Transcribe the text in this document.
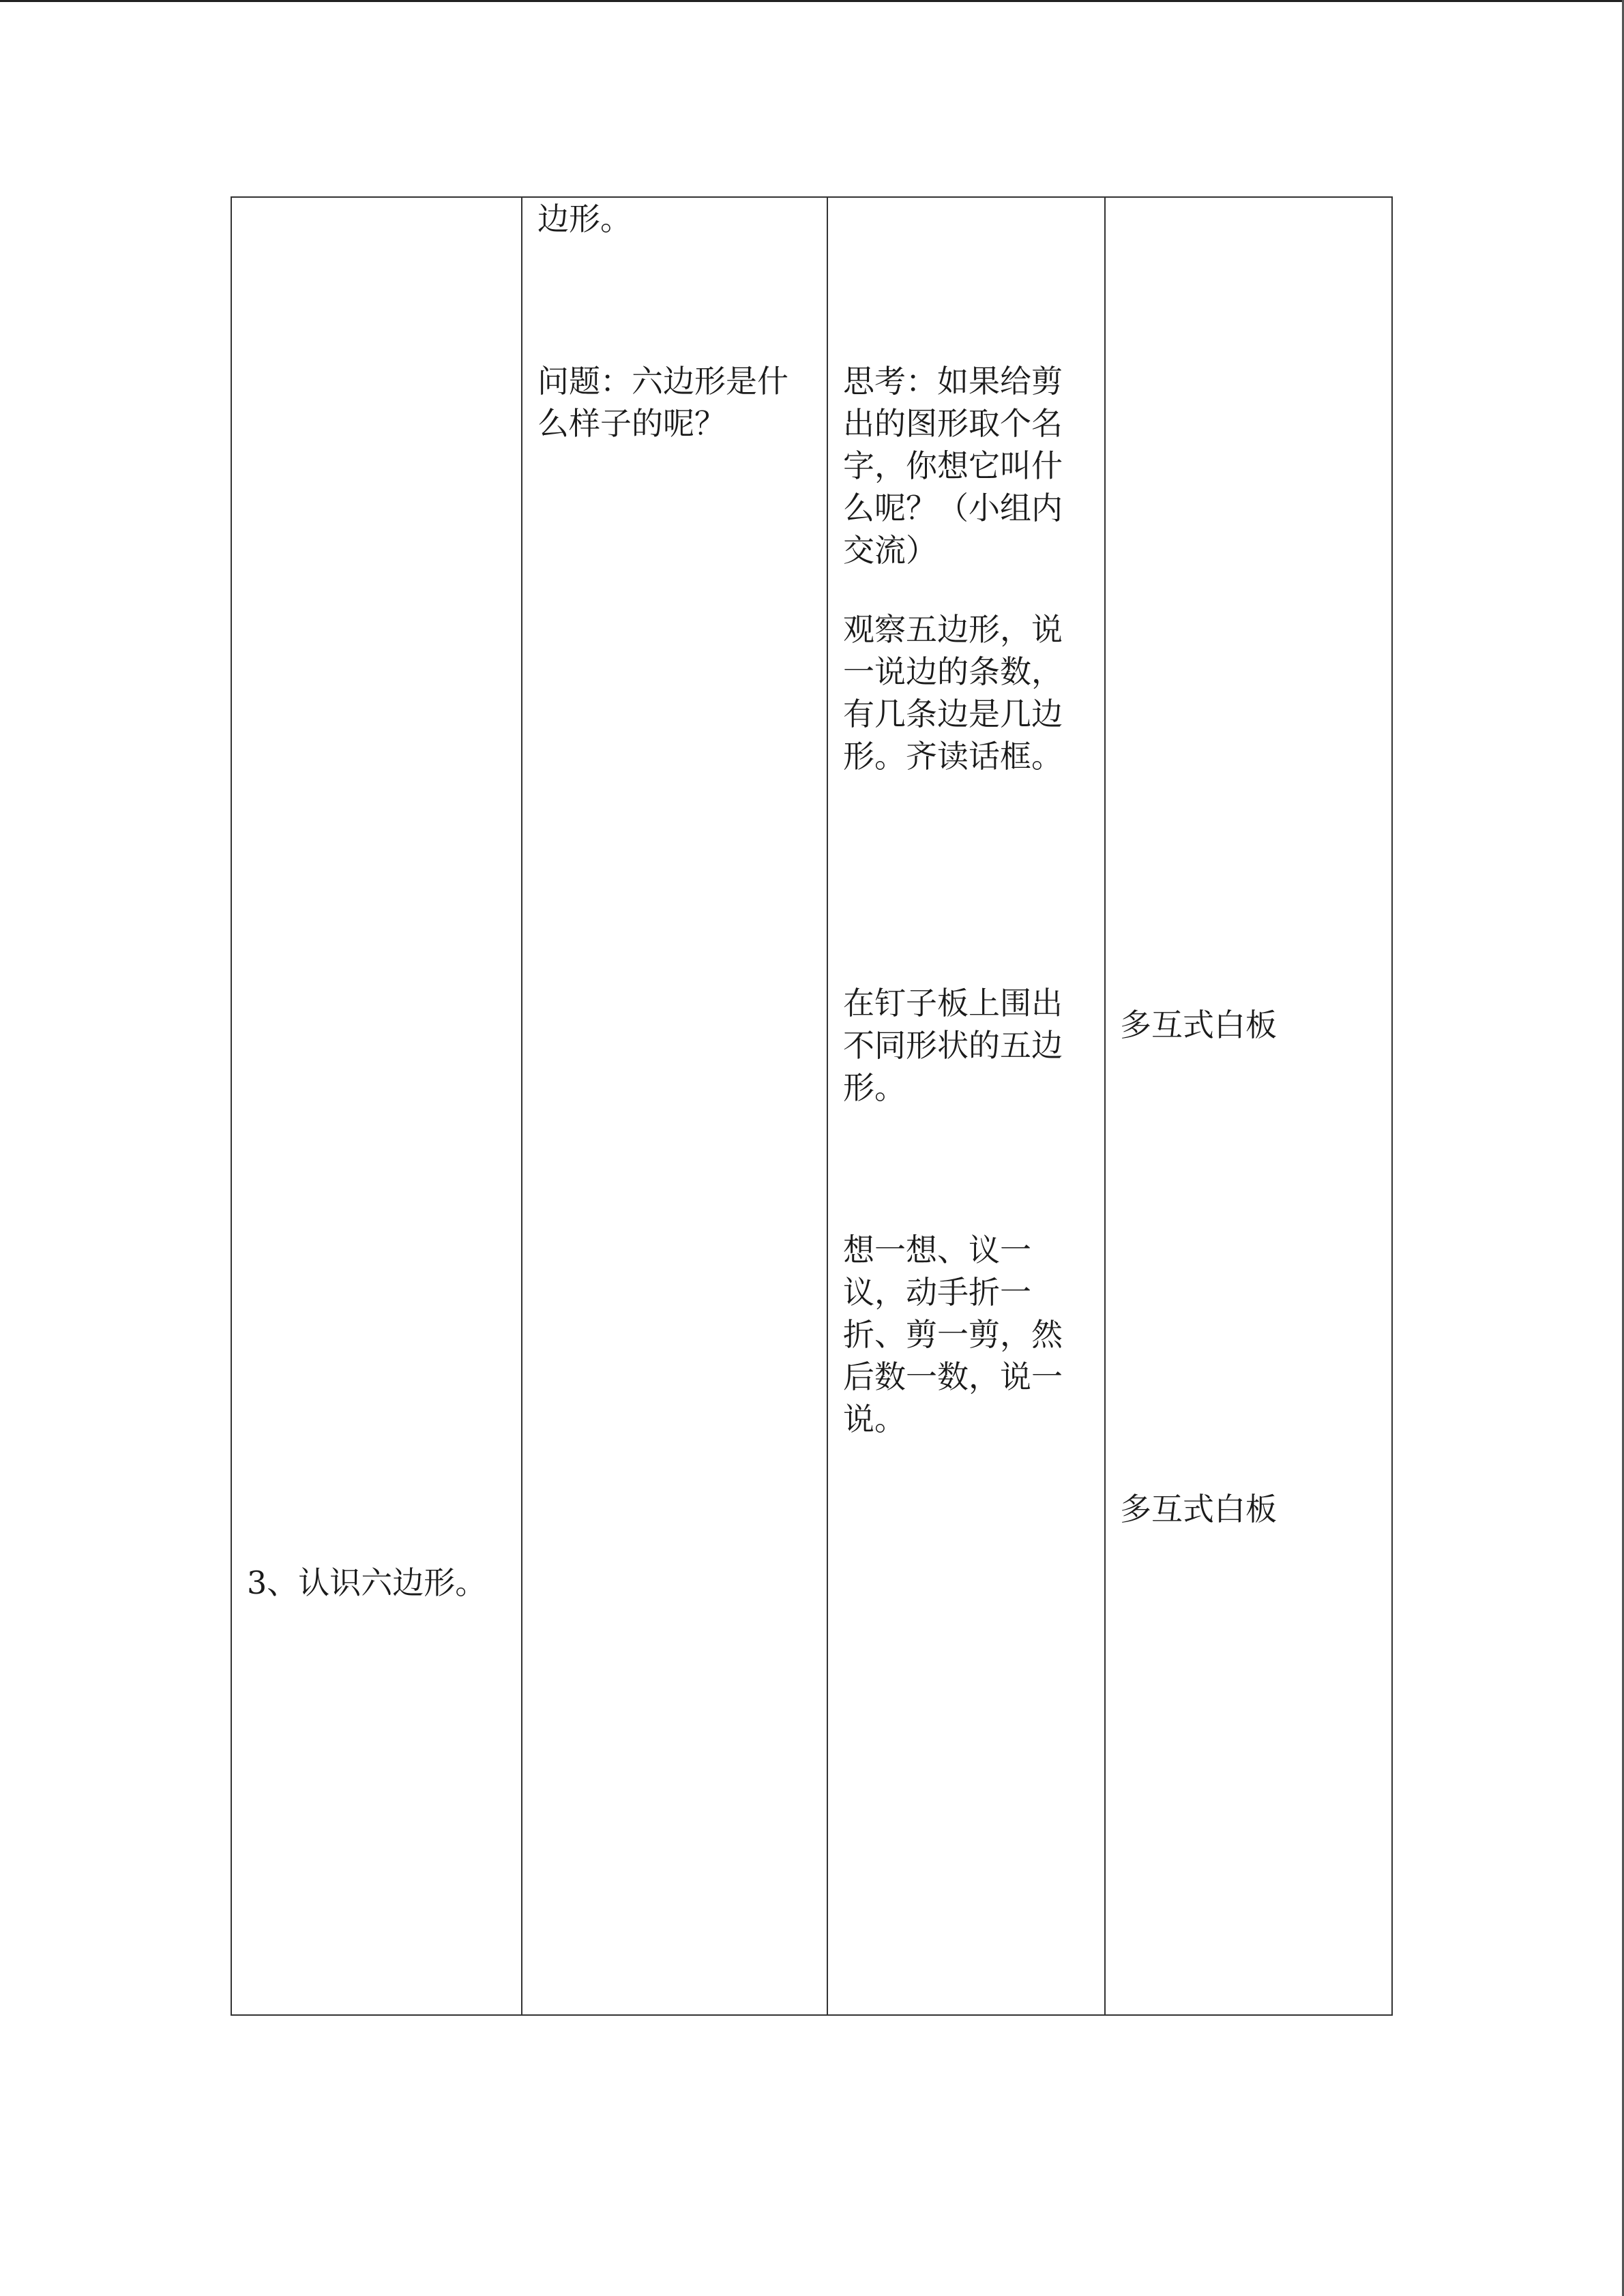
3、认识六边形。
边形。
问题：六边形是什么样子的呢？
思考：如果给剪出的图形取个名字，你想它叫什么呢？（小组内交流）
观察五边形，说一说边的条数，有几条边是几边形。齐读话框。
在钉子板上围出不同形状的五边形。
想一想、议一议，动手折一折、剪一剪，然后数一数，说一说。
多互式白板
多互式白板
